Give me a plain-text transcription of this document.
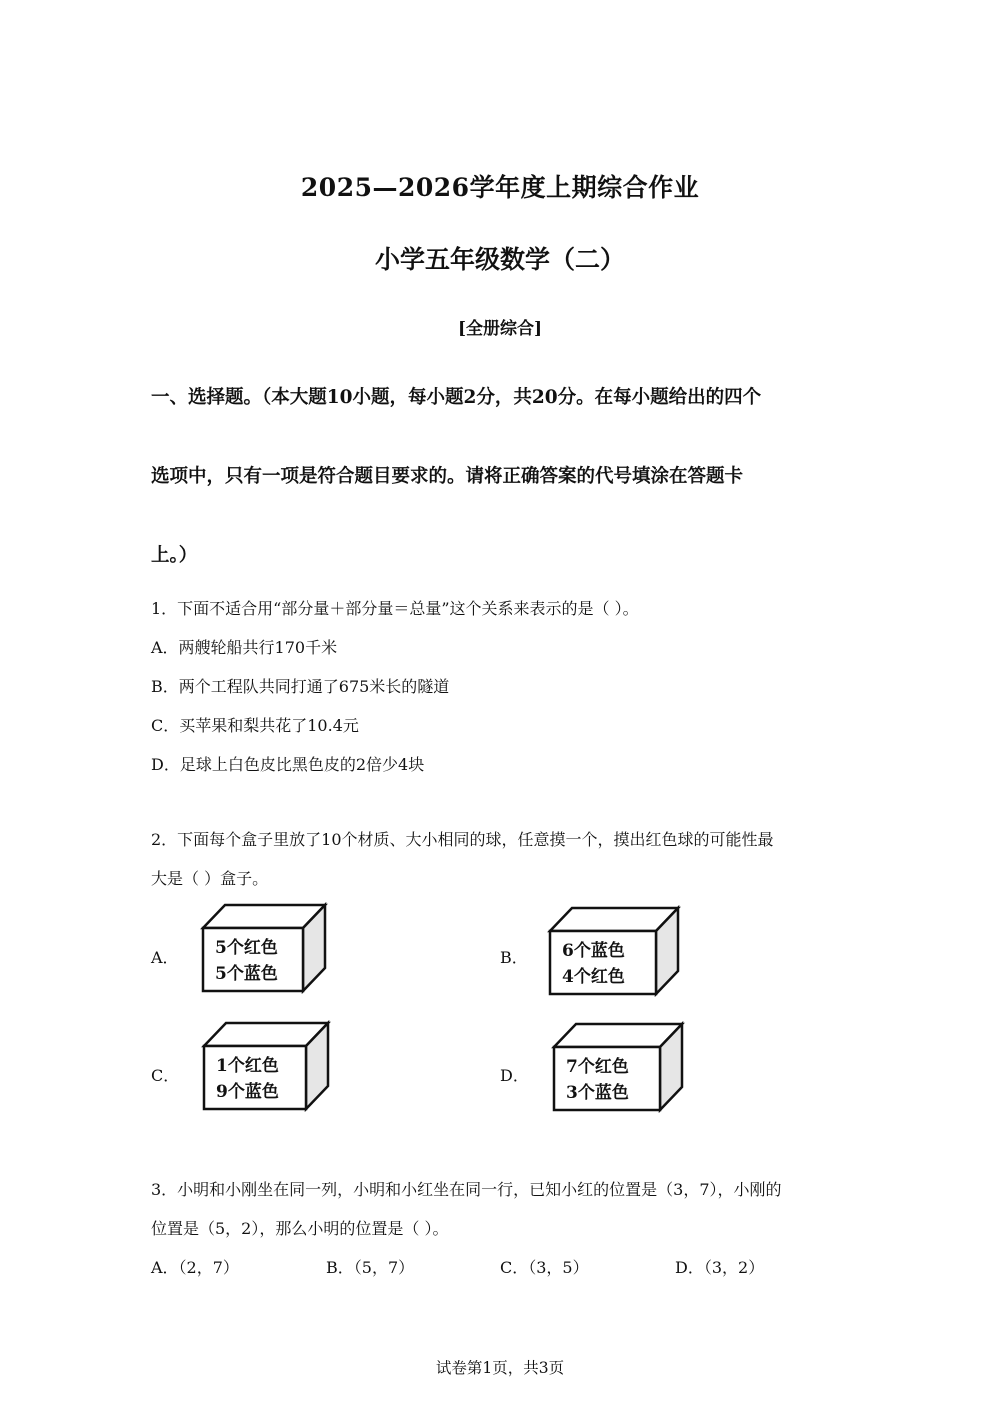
2025—2026学年度上期综合作业
小学五年级数学（二）
[全册综合]
一、选择题。（本大题10小题，每小题2分，共20分。在每小题给出的四个
选项中，只有一项是符合题目要求的。请将正确答案的代号填涂在答题卡
上。）
1．下面不适合用“部分量＋部分量＝总量”这个关系来表示的是（ ）。
A．两艘轮船共行170千米
B．两个工程队共同打通了675米长的隧道
C．买苹果和梨共花了10.4元
D．足球上白色皮比黑色皮的2倍少4块
2．下面每个盒子里放了10个材质、大小相同的球，任意摸一个，摸出红色球的可能性最
大是（ ）盒子。
A． 5个红色
5个蓝色
B． 6个蓝色
4个红色
C． 1个红色
9个蓝色
D． 7个红色
3个蓝色
3．小明和小刚坐在同一列，小明和小红坐在同一行，已知小红的位置是（3，7），小刚的
位置是（5，2），那么小明的位置是（ ）。
A．（2，7）	B．（5，7）	C．（3，5）	D．（3，2）
试卷第1页，共3页
